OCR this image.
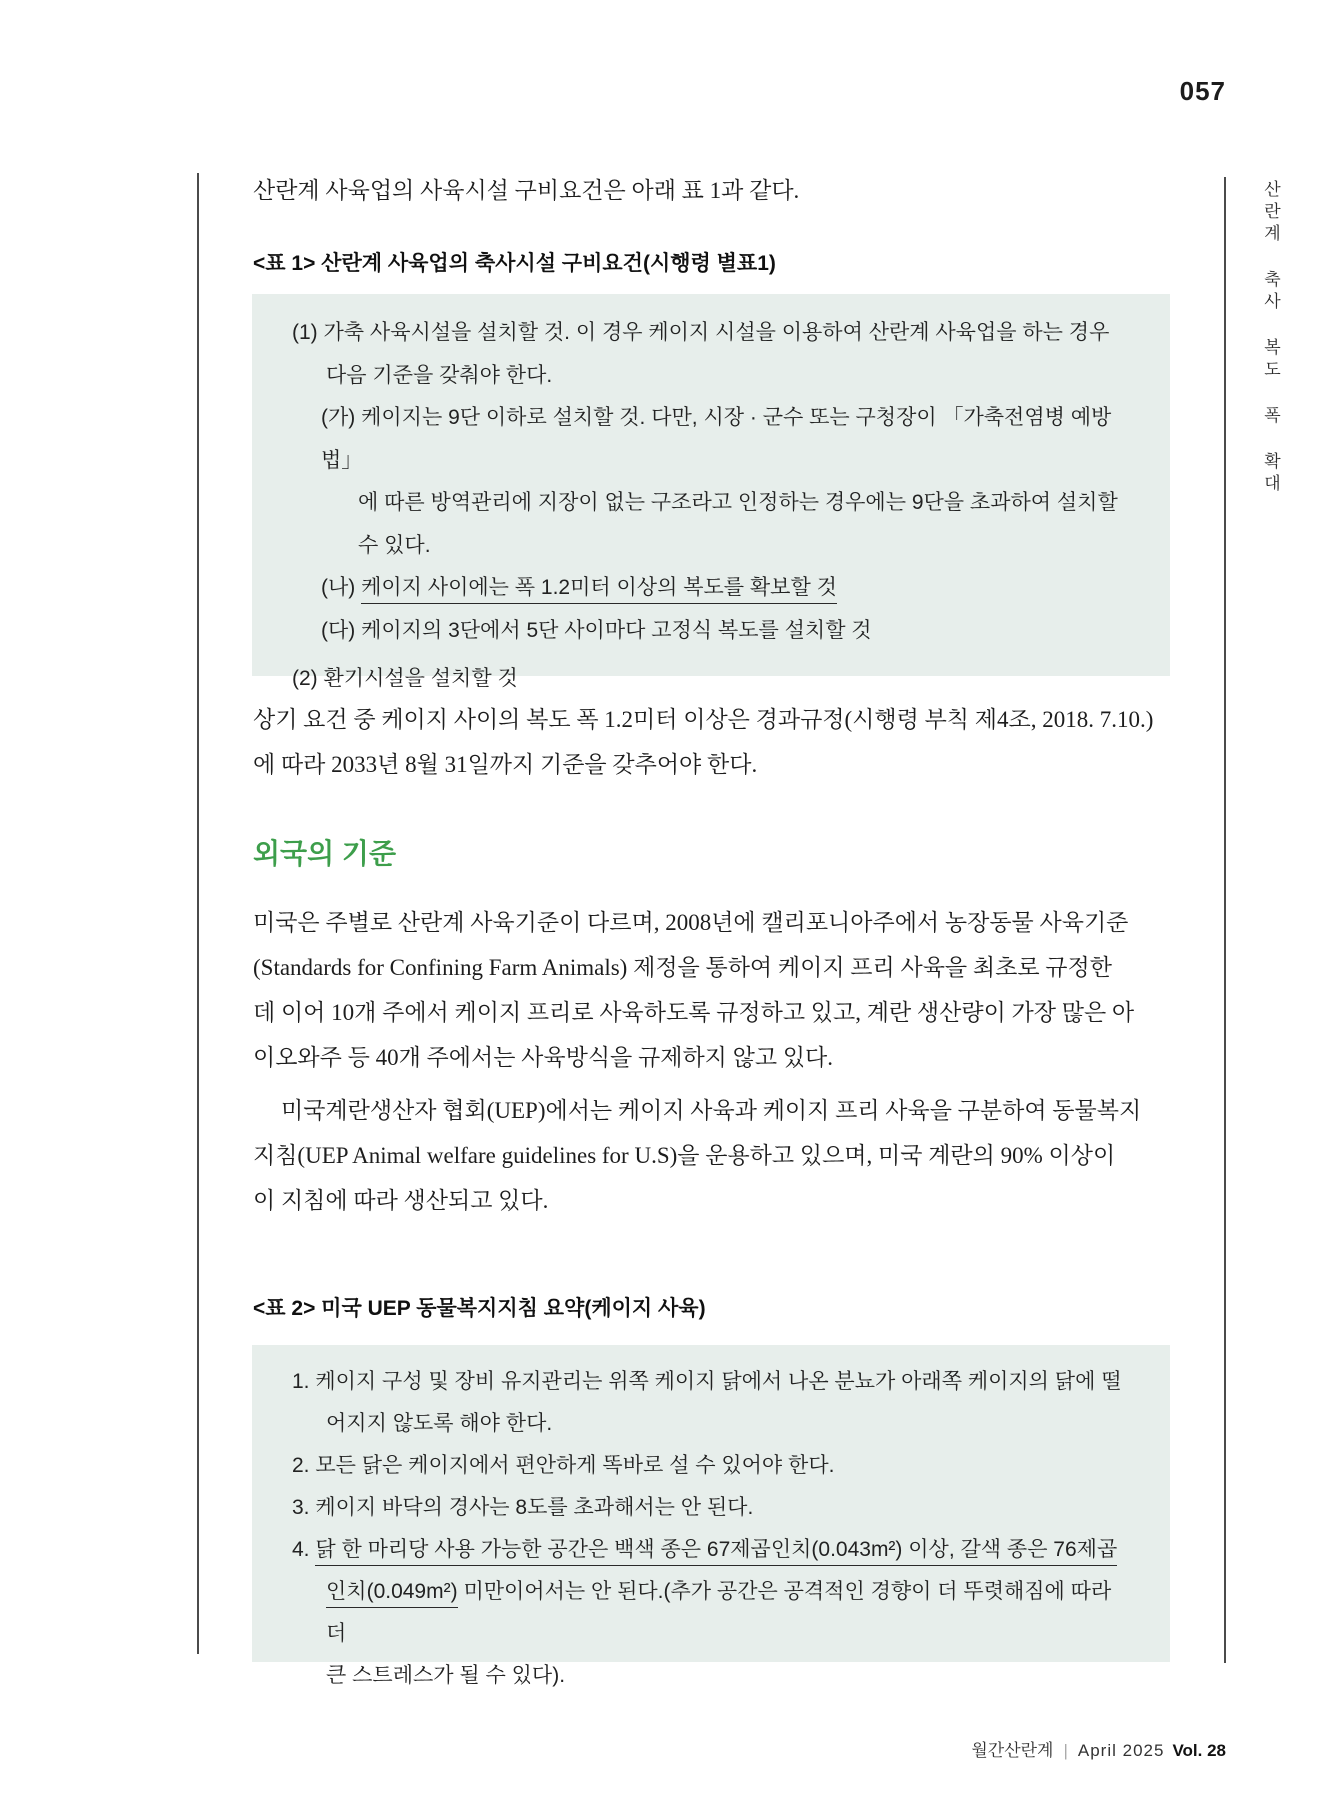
057
산란계 축사 복도 폭 확대
산란계 사육업의 사육시설 구비요건은 아래 표 1과 같다.
<표 1> 산란계 사육업의 축사시설 구비요건(시행령 별표1)
(1) 가축 사육시설을 설치할 것. 이 경우 케이지 시설을 이용하여 산란계 사육업을 하는 경우
다음 기준을 갖춰야 한다.
(가) 케이지는 9단 이하로 설치할 것. 다만, 시장 · 군수 또는 구청장이 「가축전염병 예방법」
에 따른 방역관리에 지장이 없는 구조라고 인정하는 경우에는 9단을 초과하여 설치할
수 있다.
(나) 케이지 사이에는 폭 1.2미터 이상의 복도를 확보할 것
(다) 케이지의 3단에서 5단 사이마다 고정식 복도를 설치할 것
(2) 환기시설을 설치할 것
상기 요건 중 케이지 사이의 복도 폭 1.2미터 이상은 경과규정(시행령 부칙 제4조, 2018. 7.10.)
에 따라 2033년 8월 31일까지 기준을 갖추어야 한다.
외국의 기준
미국은 주별로 산란계 사육기준이 다르며, 2008년에 캘리포니아주에서 농장동물 사육기준
(Standards for Confining Farm Animals) 제정을 통하여 케이지 프리 사육을 최초로 규정한
데 이어 10개 주에서 케이지 프리로 사육하도록 규정하고 있고, 계란 생산량이 가장 많은 아
이오와주 등 40개 주에서는 사육방식을 규제하지 않고 있다.
미국계란생산자 협회(UEP)에서는 케이지 사육과 케이지 프리 사육을 구분하여 동물복지
지침(UEP Animal welfare guidelines for U.S)을 운용하고 있으며, 미국 계란의 90% 이상이
이 지침에 따라 생산되고 있다.
<표 2> 미국 UEP 동물복지지침 요약(케이지 사육)
1. 케이지 구성 및 장비 유지관리는 위쪽 케이지 닭에서 나온 분뇨가 아래쪽 케이지의 닭에 떨
어지지 않도록 해야 한다.
2. 모든 닭은 케이지에서 편안하게 똑바로 설 수 있어야 한다.
3. 케이지 바닥의 경사는 8도를 초과해서는 안 된다.
4. 닭 한 마리당 사용 가능한 공간은 백색 종은 67제곱인치(0.043m²) 이상, 갈색 종은 76제곱
인치(0.049m²) 미만이어서는 안 된다.(추가 공간은 공격적인 경향이 더 뚜렷해짐에 따라 더
큰 스트레스가 될 수 있다).
월간산란계 | April 2025 Vol. 28
